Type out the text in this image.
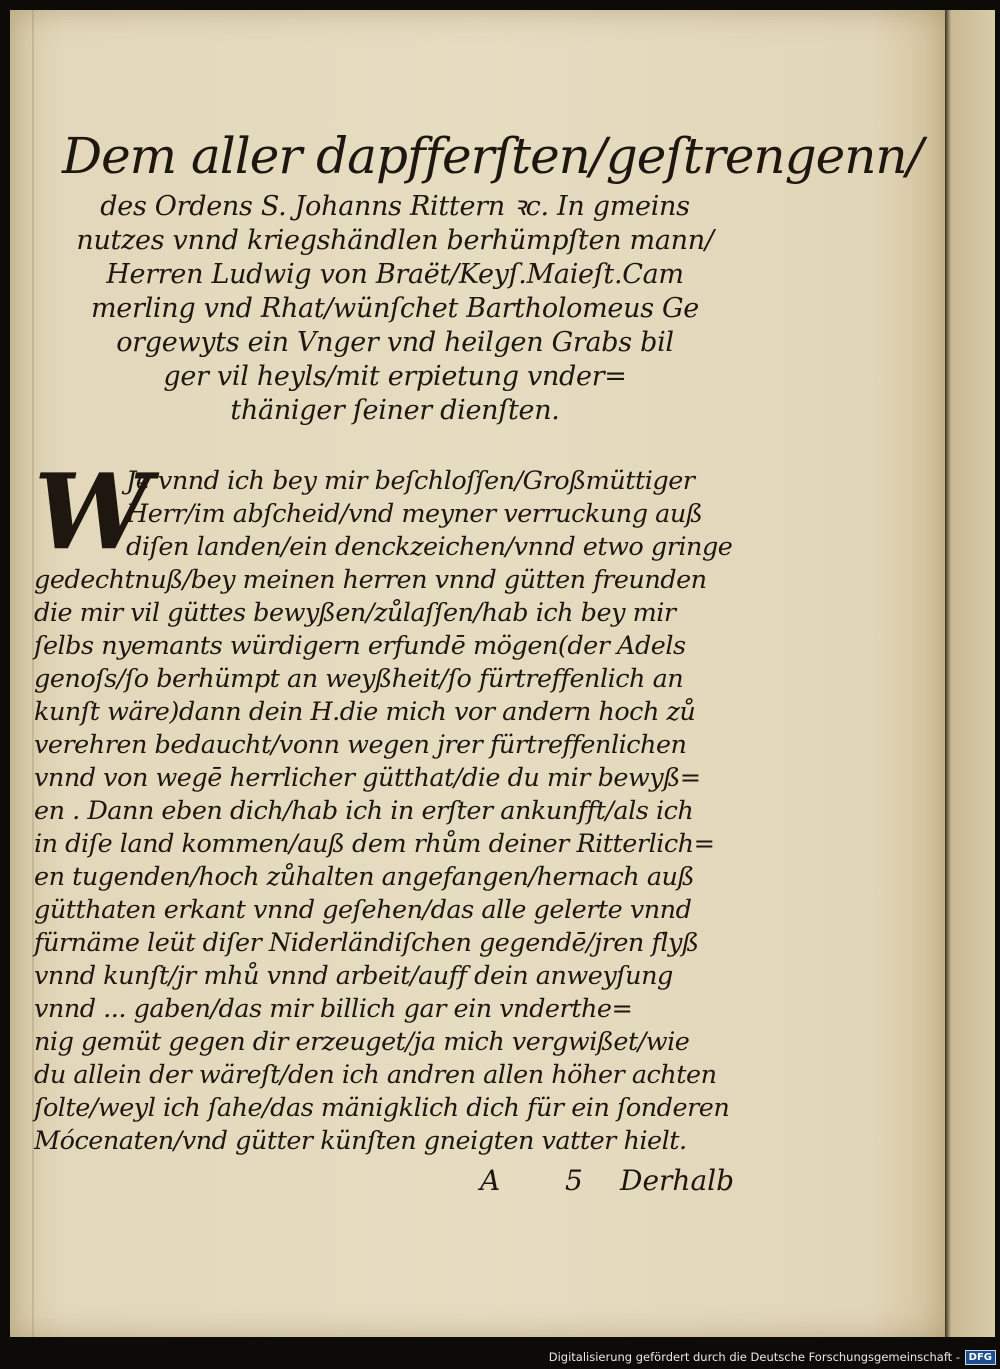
Dem aller dapfferſten/geſtrengenn/
des Ordens S. Johanns Rittern ꝛc. In gmeins
nutzes vnnd kriegshändlen berhümpſten mann/
Herren Ludwig von Braët/Keyſ.Maieſt.Cam
merling vnd Rhat/wünſchet Bartholomeus Ge
orgewyts ein Vnger vnd heilgen Grabs bil
ger vil heyls/mit erpietung vnder=
thäniger ſeiner dienſten.
W
Je vnnd ich bey mir beſchloſſen/Großmüttiger
Herr/im abſcheid/vnd meyner verruckung auß
diſen landen/ein denckzeichen/vnnd etwo gringe
gedechtnuß/bey meinen herren vnnd gütten freunden
die mir vil güttes bewyßen/zůlaſſen/hab ich bey mir
ſelbs nyemants würdigern erfundē mögen(der Adels
genoſs/ſo berhümpt an weyßheit/ſo fürtreffenlich an
kunſt wäre)dann dein H.die mich vor andern hoch zů
verehren bedaucht/vonn wegen jrer fürtreffenlichen
vnnd von wegē herrlicher gütthat/die du mir bewyß=
en . Dann eben dich/hab ich in erſter ankunfft/als ich
in diſe land kommen/auß dem rhům deiner Ritterlich=
en tugenden/hoch zůhalten angefangen/hernach auß
gütthaten erkant vnnd geſehen/das alle gelerte vnnd
fürnäme leüt diſer Niderländiſchen gegendē/jren flyß
vnnd kunſt/jr mhů vnnd arbeit/auff dein anweyſung
vnnd ... gaben/das mir billich gar ein vnderthe=
nig gemüt gegen dir erzeuget/ja mich vergwißet/wie
du allein der wäreſt/den ich andren allen höher achten
ſolte/weyl ich ſahe/das mänigklich dich für ein ſonderen
Mócenaten/vnd gütter künſten gneigten vatter hielt.
A 5 Derhalb
Digitalisierung gefördert durch die Deutsche Forschungsgemeinschaft - DFG
